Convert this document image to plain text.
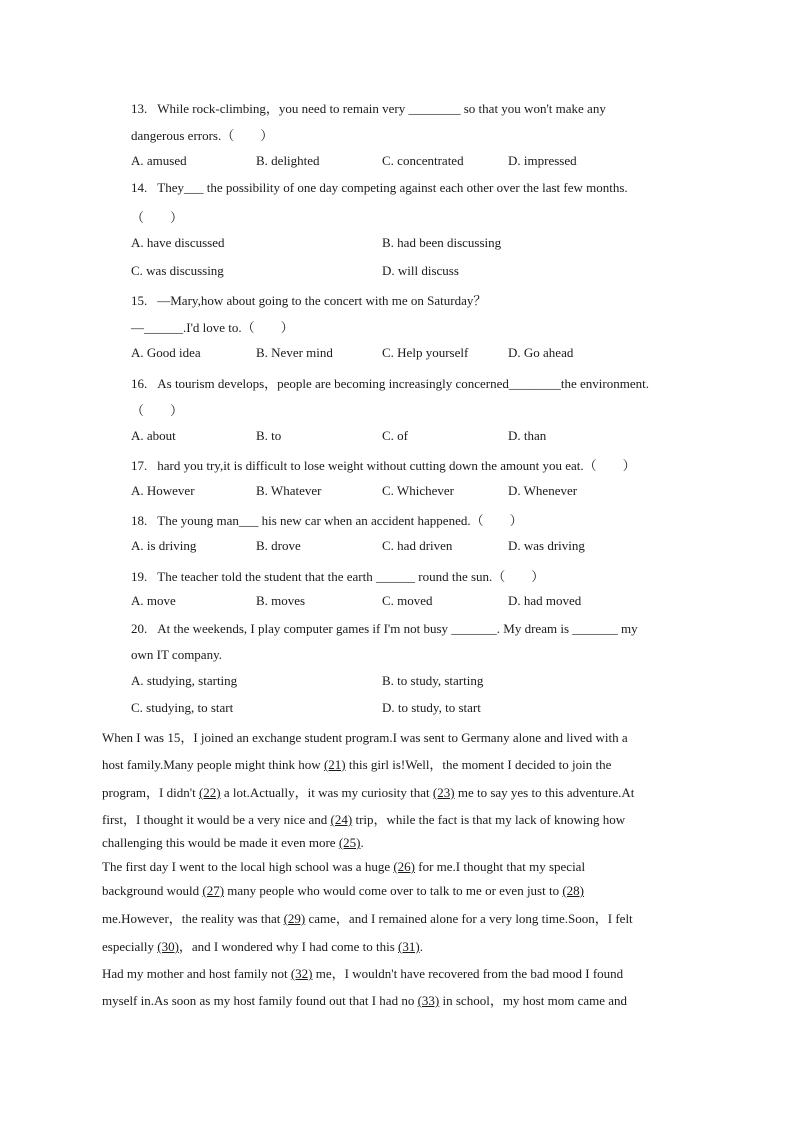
13. While rock-climbing，you need to remain very ________ so that you won't make any
dangerous errors.（　　）
A. amused	B. delighted	C. concentrated	D. impressed
14. They___ the possibility of one day competing against each other over the last few months.
（　　）
A. have discussed	B. had been discussing
C. was discussing	D. will discuss
15. —Mary,how about going to the concert with me on Saturday？
—______.I'd love to.（　　）
A. Good idea	B. Never mind	C. Help yourself	D. Go ahead
16. As tourism develops，people are becoming increasingly concerned________the environment.
（　　）
A. about	B. to	C. of	D. than
17. hard you try,it is difficult to lose weight without cutting down the amount you eat.（　　）
A. However	B. Whatever	C. Whichever	D. Whenever
18. The young man___ his new car when an accident happened.（　　）
A. is driving	B. drove	C. had driven	D. was driving
19. The teacher told the student that the earth ______ round the sun.（　　）
A. move	B. moves	C. moved	D. had moved
20. At the weekends, I play computer games if I'm not busy _______. My dream is _______ my
own IT company.
A. studying, starting	B. to study, starting
C. studying, to start	D. to study, to start
When I was 15，I joined an exchange student program.I was sent to Germany alone and lived with a
host family.Many people might think how (21) this girl is!Well，the moment I decided to join the
program，I didn't (22) a lot.Actually，it was my curiosity that (23) me to say yes to this adventure.At
first，I thought it would be a very nice and (24) trip，while the fact is that my lack of knowing how
challenging this would be made it even more (25).
The first day I went to the local high school was a huge (26) for me.I thought that my special
background would (27) many people who would come over to talk to me or even just to (28)
me.However，the reality was that (29) came，and I remained alone for a very long time.Soon，I felt
especially (30)，and I wondered why I had come to this (31).
Had my mother and host family not (32) me，I wouldn't have recovered from the bad mood I found
myself in.As soon as my host family found out that I had no (33) in school，my host mom came and
